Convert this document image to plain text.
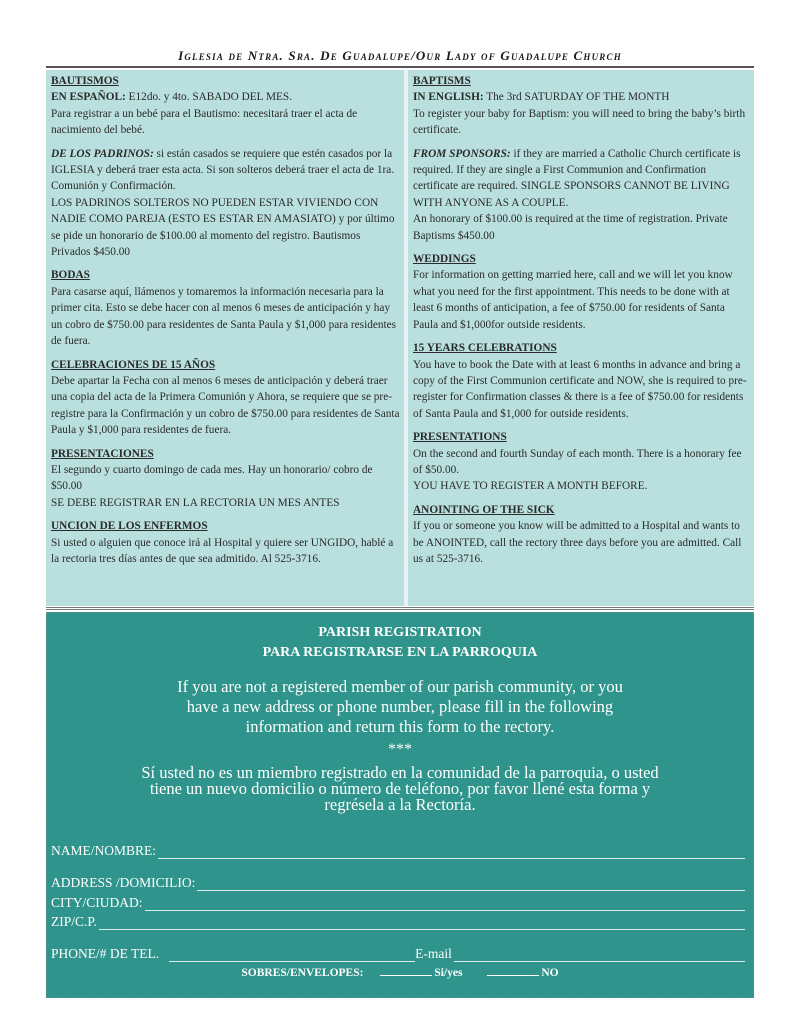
Iglesia de Ntra. Sra. De Guadalupe/Our Lady of Guadalupe Church
BAUTISMOS

EN ESPAÑOL: E12do. y 4to. SABADO DEL MES.

Para registrar a un bebé para el Bautismo: necesitará traer el acta de nacimiento del bebé.

DE LOS PADRINOS: si están casados se requiere que estén casados por la IGLESIA y deberá traer esta acta. Si son solteros deberá traer el acta de 1ra. Comunión y Confirmación.

LOS PADRINOS SOLTEROS NO PUEDEN ESTAR VIVIENDO CON NADIE COMO PAREJA (ESTO ES ESTAR EN AMASIATO) y por último se pide un honorario de $100.00 al momento del registro. Bautismos Privados $450.00

BODAS

Para casarse aquí, llámenos y tomaremos la información necesaria para la primer cita. Esto se debe hacer con al menos 6 meses de anticipación y hay un cobro de $750.00 para residentes de Santa Paula y $1,000 para residentes de fuera.

CELEBRACIONES DE 15 AÑOS

Debe apartar la Fecha con al menos 6 meses de anticipación y deberá traer una copia del acta de la Primera Comunión y Ahora, se requiere que se pre-registre para la Confirmación y un cobro de $750.00 para residentes de Santa Paula y $1,000 para residentes de fuera.

PRESENTACIONES

El segundo y cuarto domingo de cada mes. Hay un honorario/ cobro de $50.00

SE DEBE REGISTRAR EN LA RECTORIA UN MES ANTES

UNCION DE LOS ENFERMOS

Si usted o alguien que conoce irá al Hospital y quiere ser UNGIDO, hablé a la rectoria tres días antes de que sea admitido. Al 525-3716.

BAPTISMS

IN ENGLISH: The 3rd SATURDAY OF THE MONTH

To register your baby for Baptism: you will need to bring the baby’s birth certificate.

FROM SPONSORS: if they are married a Catholic Church certificate is required. If they are single a First Communion and Confirmation certificate are required. SINGLE SPONSORS CANNOT BE LIVING WITH ANYONE AS A COUPLE.

An honorary of $100.00 is required at the time of registration. Private Baptisms $450.00

WEDDINGS

For information on getting married here, call and we will let you know what you need for the first appointment. This needs to be done with at least 6 months of anticipation, a fee of $750.00 for residents of Santa Paula and $1,000for outside residents.

15 YEARS CELEBRATIONS

You have to book the Date with at least 6 months in advance and bring a copy of the First Communion certificate and NOW, she is required to pre-register for Confirmation classes & there is a fee of $750.00 for residents of Santa Paula and $1,000 for outside residents.

PRESENTATIONS

On the second and fourth Sunday of each month. There is a honorary fee of $50.00.

YOU HAVE TO REGISTER A MONTH BEFORE.

ANOINTING OF THE SICK

If you or someone you know will be admitted to a Hospital and wants to be ANOINTED, call the rectory three days before you are admitted. Call us at 525-3716.

PARISH REGISTRATION
PARA REGISTRARSE EN LA PARROQUIA
If you are not a registered member of our parish community, or you have a new address or phone number, please fill in the following information and return this form to the rectory.
***
Sí usted no es un miembro registrado en la comunidad de la parroquia, o usted tiene un nuevo domicilio o número de teléfono, por favor llené esta forma y regrésela a la Rectoría.
NAME/NOMBRE:
ADDRESS /DOMICILIO:
CITY/CIUDAD:
ZIP/C.P.
PHONE/# DE TEL.	E-mail
SOBRES/ENVELOPES:	Si/yes	NO
